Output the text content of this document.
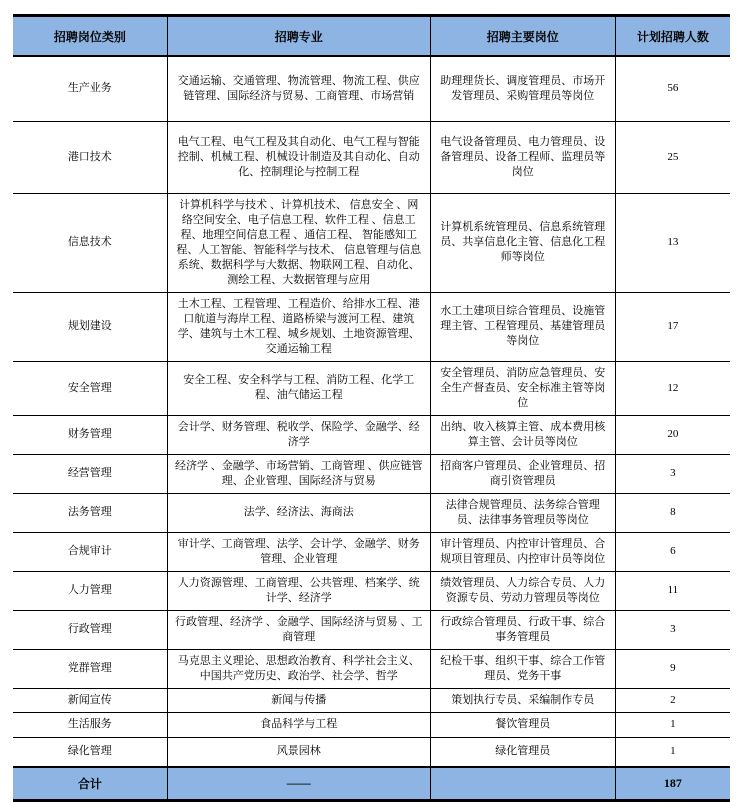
招聘岗位类别	招聘专业	招聘主要岗位	计划招聘人数
生产业务	交通运输、交通管理、物流管理、物流工程、供应链管理、国际经济与贸易、工商管理、市场营销	助理理货长、调度管理员、市场开发管理员、采购管理员等岗位	56
港口技术	电气工程、电气工程及其自动化、电气工程与智能控制、机械工程、机械设计制造及其自动化、自动化、控制理论与控制工程	电气设备管理员、电力管理员、设备管理员、设备工程师、监理员等岗位	25
信息技术	计算机科学与技术 、计算机技术、 信息安全 、网络空间安全、电子信息工程、软件工程 、信息工程、地理空间信息工程 、通信工程、 智能感知工程、人工智能、智能科学与技术、 信息管理与信息系统、数据科学与大数据、物联网工程、自动化、测绘工程、大数据管理与应用	计算机系统管理员、信息系统管理员、共享信息化主管、信息化工程师等岗位	13
规划建设	土木工程、工程管理、工程造价、给排水工程、港口航道与海岸工程、道路桥梁与渡河工程、建筑学、建筑与土木工程、城乡规划、土地资源管理、交通运输工程	水工土建项目综合管理员、设施管理主管、工程管理员、基建管理员等岗位	17
安全管理	安全工程、安全科学与工程、消防工程、化学工程、油气储运工程	安全管理员、消防应急管理员、安全生产督查员、安全标准主管等岗位	12
财务管理	会计学、财务管理、税收学、保险学、金融学、经济学	出纳、收入核算主管、成本费用核算主管、会计员等岗位	20
经营管理	经济学 、金融学、市场营销、工商管理 、供应链管理、企业管理、国际经济与贸易	招商客户管理员、企业管理员、招商引资管理员	3
法务管理	法学、经济法、海商法	法律合规管理员、法务综合管理员、法律事务管理员等岗位	8
合规审计	审计学、工商管理、法学、会计学、金融学、财务管理、企业管理	审计管理员、内控审计管理员、合规项目管理员、内控审计员等岗位	6
人力管理	人力资源管理、工商管理、公共管理、档案学、统计学、经济学	绩效管理员、人力综合专员、人力资源专员、劳动力管理员等岗位	11
行政管理	行政管理、经济学 、金融学、国际经济与贸易 、工商管理	行政综合管理员、行政干事、综合事务管理员	3
党群管理	马克思主义理论、思想政治教育、科学社会主义、中国共产党历史、政治学、社会学、哲学	纪检干事、组织干事、综合工作管理员、党务干事	9
新闻宣传	新闻与传播	策划执行专员、采编制作专员	2
生活服务	食品科学与工程	餐饮管理员	1
绿化管理	风景园林	绿化管理员	1
合计	——		187
